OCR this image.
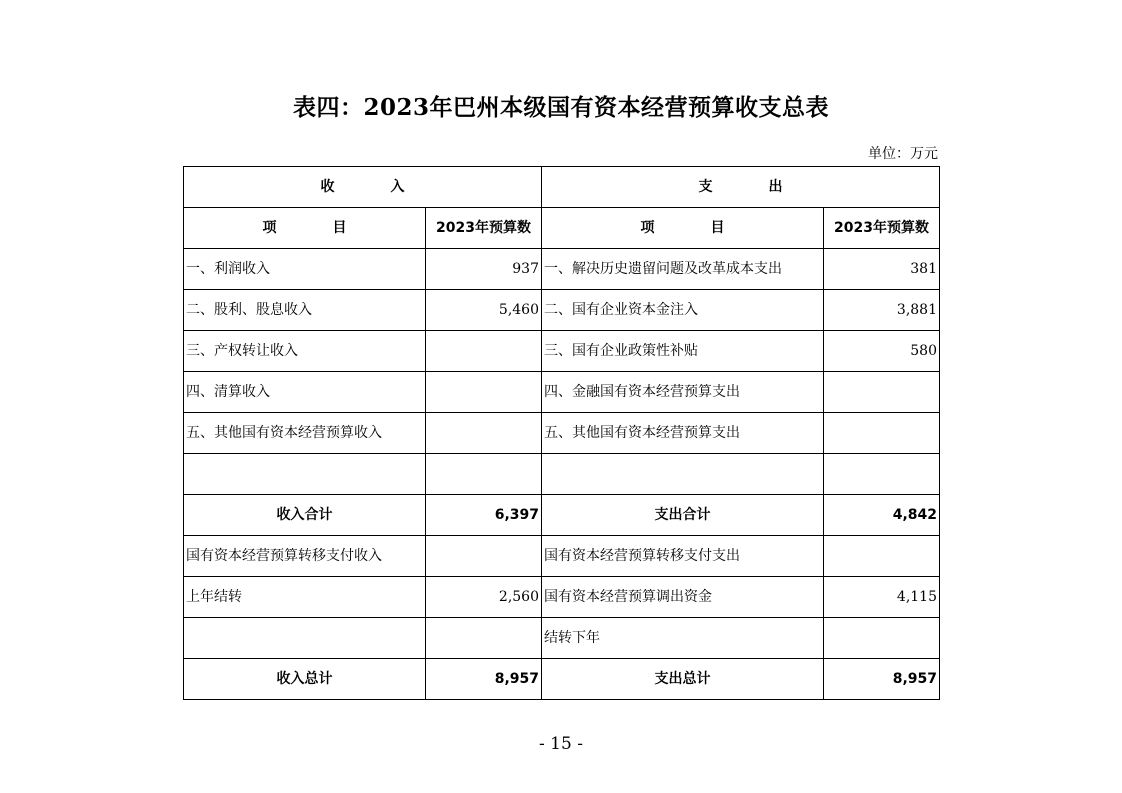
表四：2023年巴州本级国有资本经营预算收支总表
单位：万元
收　　　　入		支　　　　出	
项　　　　目	2023年预算数	项　　　　目	2023年预算数
一、利润收入	937	一、解决历史遗留问题及改革成本支出	381
二、股利、股息收入	5,460	二、国有企业资本金注入	3,881
三、产权转让收入		三、国有企业政策性补贴	580
四、清算收入		四、金融国有资本经营预算支出	
五、其他国有资本经营预算收入		五、其他国有资本经营预算支出	

收入合计	6,397	支出合计	4,842
国有资本经营预算转移支付收入		国有资本经营预算转移支付支出	
上年结转	2,560	国有资本经营预算调出资金	4,115
		结转下年	
收入总计	8,957	支出总计	8,957
- 15 -
